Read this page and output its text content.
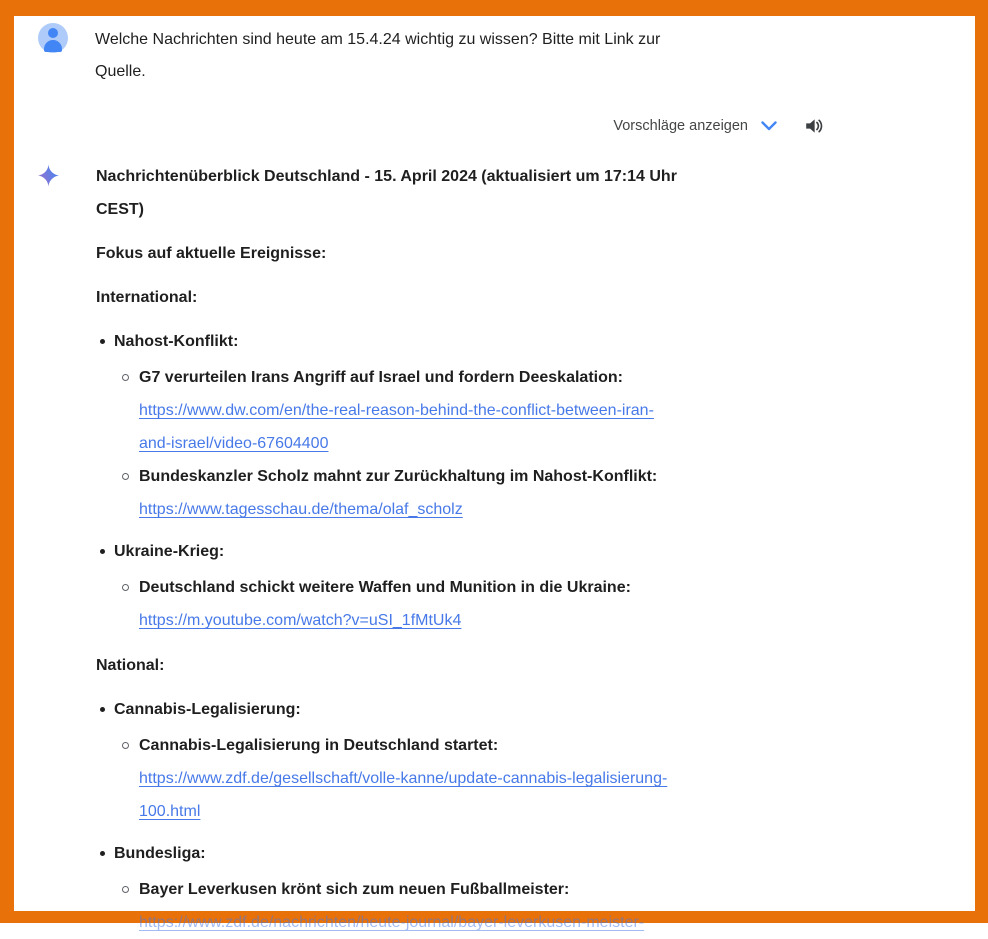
Welche Nachrichten sind heute am 15.4.24 wichtig zu wissen? Bitte mit Link zur
Quelle.
Vorschläge anzeigen
Nachrichtenüberblick Deutschland - 15. April 2024 (aktualisiert um 17:14 Uhr
CEST)
Fokus auf aktuelle Ereignisse:
International:
Nahost-Konflikt:
G7 verurteilen Irans Angriff auf Israel und fordern Deeskalation:
https://www.dw.com/en/the-real-reason-behind-the-conflict-between-iran-
and-israel/video-67604400
Bundeskanzler Scholz mahnt zur Zurückhaltung im Nahost-Konflikt:
https://www.tagesschau.de/thema/olaf_scholz
Ukraine-Krieg:
Deutschland schickt weitere Waffen und Munition in die Ukraine:
https://m.youtube.com/watch?v=uSI_1fMtUk4
National:
Cannabis-Legalisierung:
Cannabis-Legalisierung in Deutschland startet:
https://www.zdf.de/gesellschaft/volle-kanne/update-cannabis-legalisierung-
100.html
Bundesliga:
Bayer Leverkusen krönt sich zum neuen Fußballmeister:
https://www.zdf.de/nachrichten/heute-journal/bayer-leverkusen-meister-
